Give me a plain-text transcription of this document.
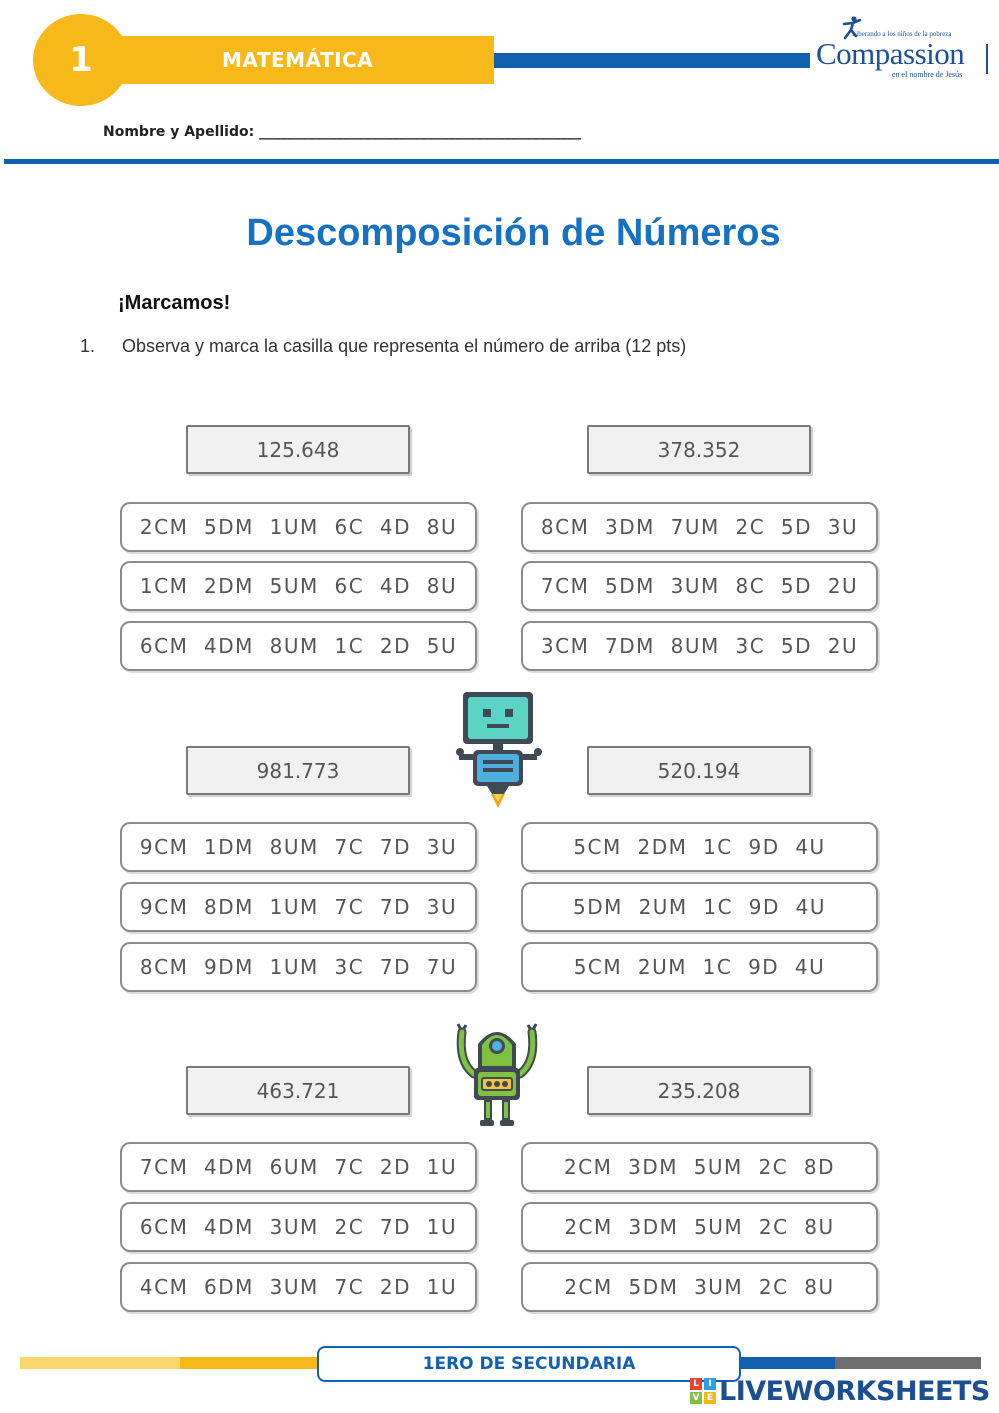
MATEMÁTICA
1
Liberando a los niños de la pobreza
Compassion
en el nombre de Jesús
Nombre y Apellido: ______________________________________________
Descomposición de Números
¡Marcamos!
1. Observa y marca la casilla que representa el número de arriba (12 pts)
125.648
2CM  5DM  1UM  6C  4D  8U
1CM  2DM  5UM  6C  4D  8U
6CM  4DM  8UM  1C  2D  5U
378.352
8CM  3DM  7UM  2C  5D  3U
7CM  5DM  3UM  8C  5D  2U
3CM  7DM  8UM  3C  5D  2U
981.773
9CM  1DM  8UM  7C  7D  3U
9CM  8DM  1UM  7C  7D  3U
8CM  9DM  1UM  3C  7D  7U
520.194
5CM  2DM  1C  9D  4U
5DM  2UM  1C  9D  4U
5CM  2UM  1C  9D  4U
463.721
7CM  4DM  6UM  7C  2D  1U
6CM  4DM  3UM  2C  7D  1U
4CM  6DM  3UM  7C  2D  1U
235.208
2CM  3DM  5UM  2C  8D
2CM  3DM  5UM  2C  8U
2CM  5DM  3UM  2C  8U
1ERO DE SECUNDARIA
L	I
V E LIVEWORKSHEETS
